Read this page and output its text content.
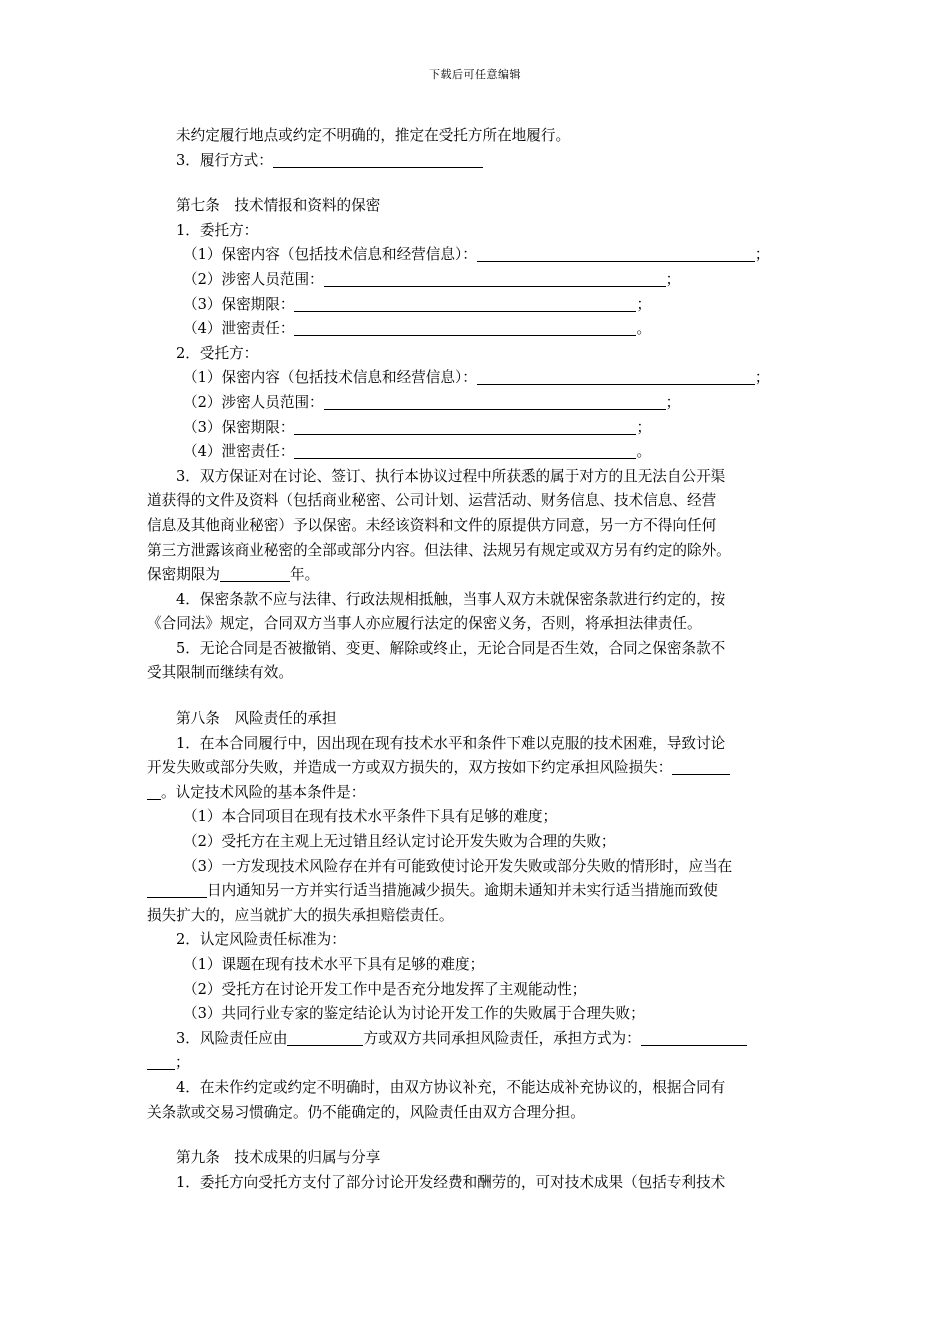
下载后可任意编辑
未约定履行地点或约定不明确的，推定在受托方所在地履行。
3．履行方式：
第七条　技术情报和资料的保密
1．委托方：
（1）保密内容（包括技术信息和经营信息）：	；
（2）涉密人员范围：	；
（3）保密期限：	；
（4）泄密责任：	。
2．受托方：
（1）保密内容（包括技术信息和经营信息）：	；
（2）涉密人员范围：	；
（3）保密期限：	；
（4）泄密责任：	。
3．双方保证对在讨论、签订、执行本协议过程中所获悉的属于对方的且无法自公开渠
道获得的文件及资料（包括商业秘密、公司计划、运营活动、财务信息、技术信息、经营
信息及其他商业秘密）予以保密。未经该资料和文件的原提供方同意，另一方不得向任何
第三方泄露该商业秘密的全部或部分内容。但法律、法规另有规定或双方另有约定的除外。
保密期限为	年。
4．保密条款不应与法律、行政法规相抵触，当事人双方未就保密条款进行约定的，按
《合同法》规定，合同双方当事人亦应履行法定的保密义务，否则，将承担法律责任。
5．无论合同是否被撤销、变更、解除或终止，无论合同是否生效，合同之保密条款不
受其限制而继续有效。
第八条　风险责任的承担
1．在本合同履行中，因出现在现有技术水平和条件下难以克服的技术困难，导致讨论
开发失败或部分失败，并造成一方或双方损失的，双方按如下约定承担风险损失：
。认定技术风险的基本条件是：
（1）本合同项目在现有技术水平条件下具有足够的难度；
（2）受托方在主观上无过错且经认定讨论开发失败为合理的失败；
（3）一方发现技术风险存在并有可能致使讨论开发失败或部分失败的情形时，应当在
日内通知另一方并实行适当措施减少损失。逾期未通知并未实行适当措施而致使
损失扩大的，应当就扩大的损失承担赔偿责任。
2．认定风险责任标准为：
（1）课题在现有技术水平下具有足够的难度；
（2）受托方在讨论开发工作中是否充分地发挥了主观能动性；
（3）共同行业专家的鉴定结论认为讨论开发工作的失败属于合理失败；
3．风险责任应由	方或双方共同承担风险责任，承担方式为：
；
4．在未作约定或约定不明确时，由双方协议补充，不能达成补充协议的，根据合同有
关条款或交易习惯确定。仍不能确定的，风险责任由双方合理分担。
第九条　技术成果的归属与分享
1．委托方向受托方支付了部分讨论开发经费和酬劳的，可对技术成果（包括专利技术
